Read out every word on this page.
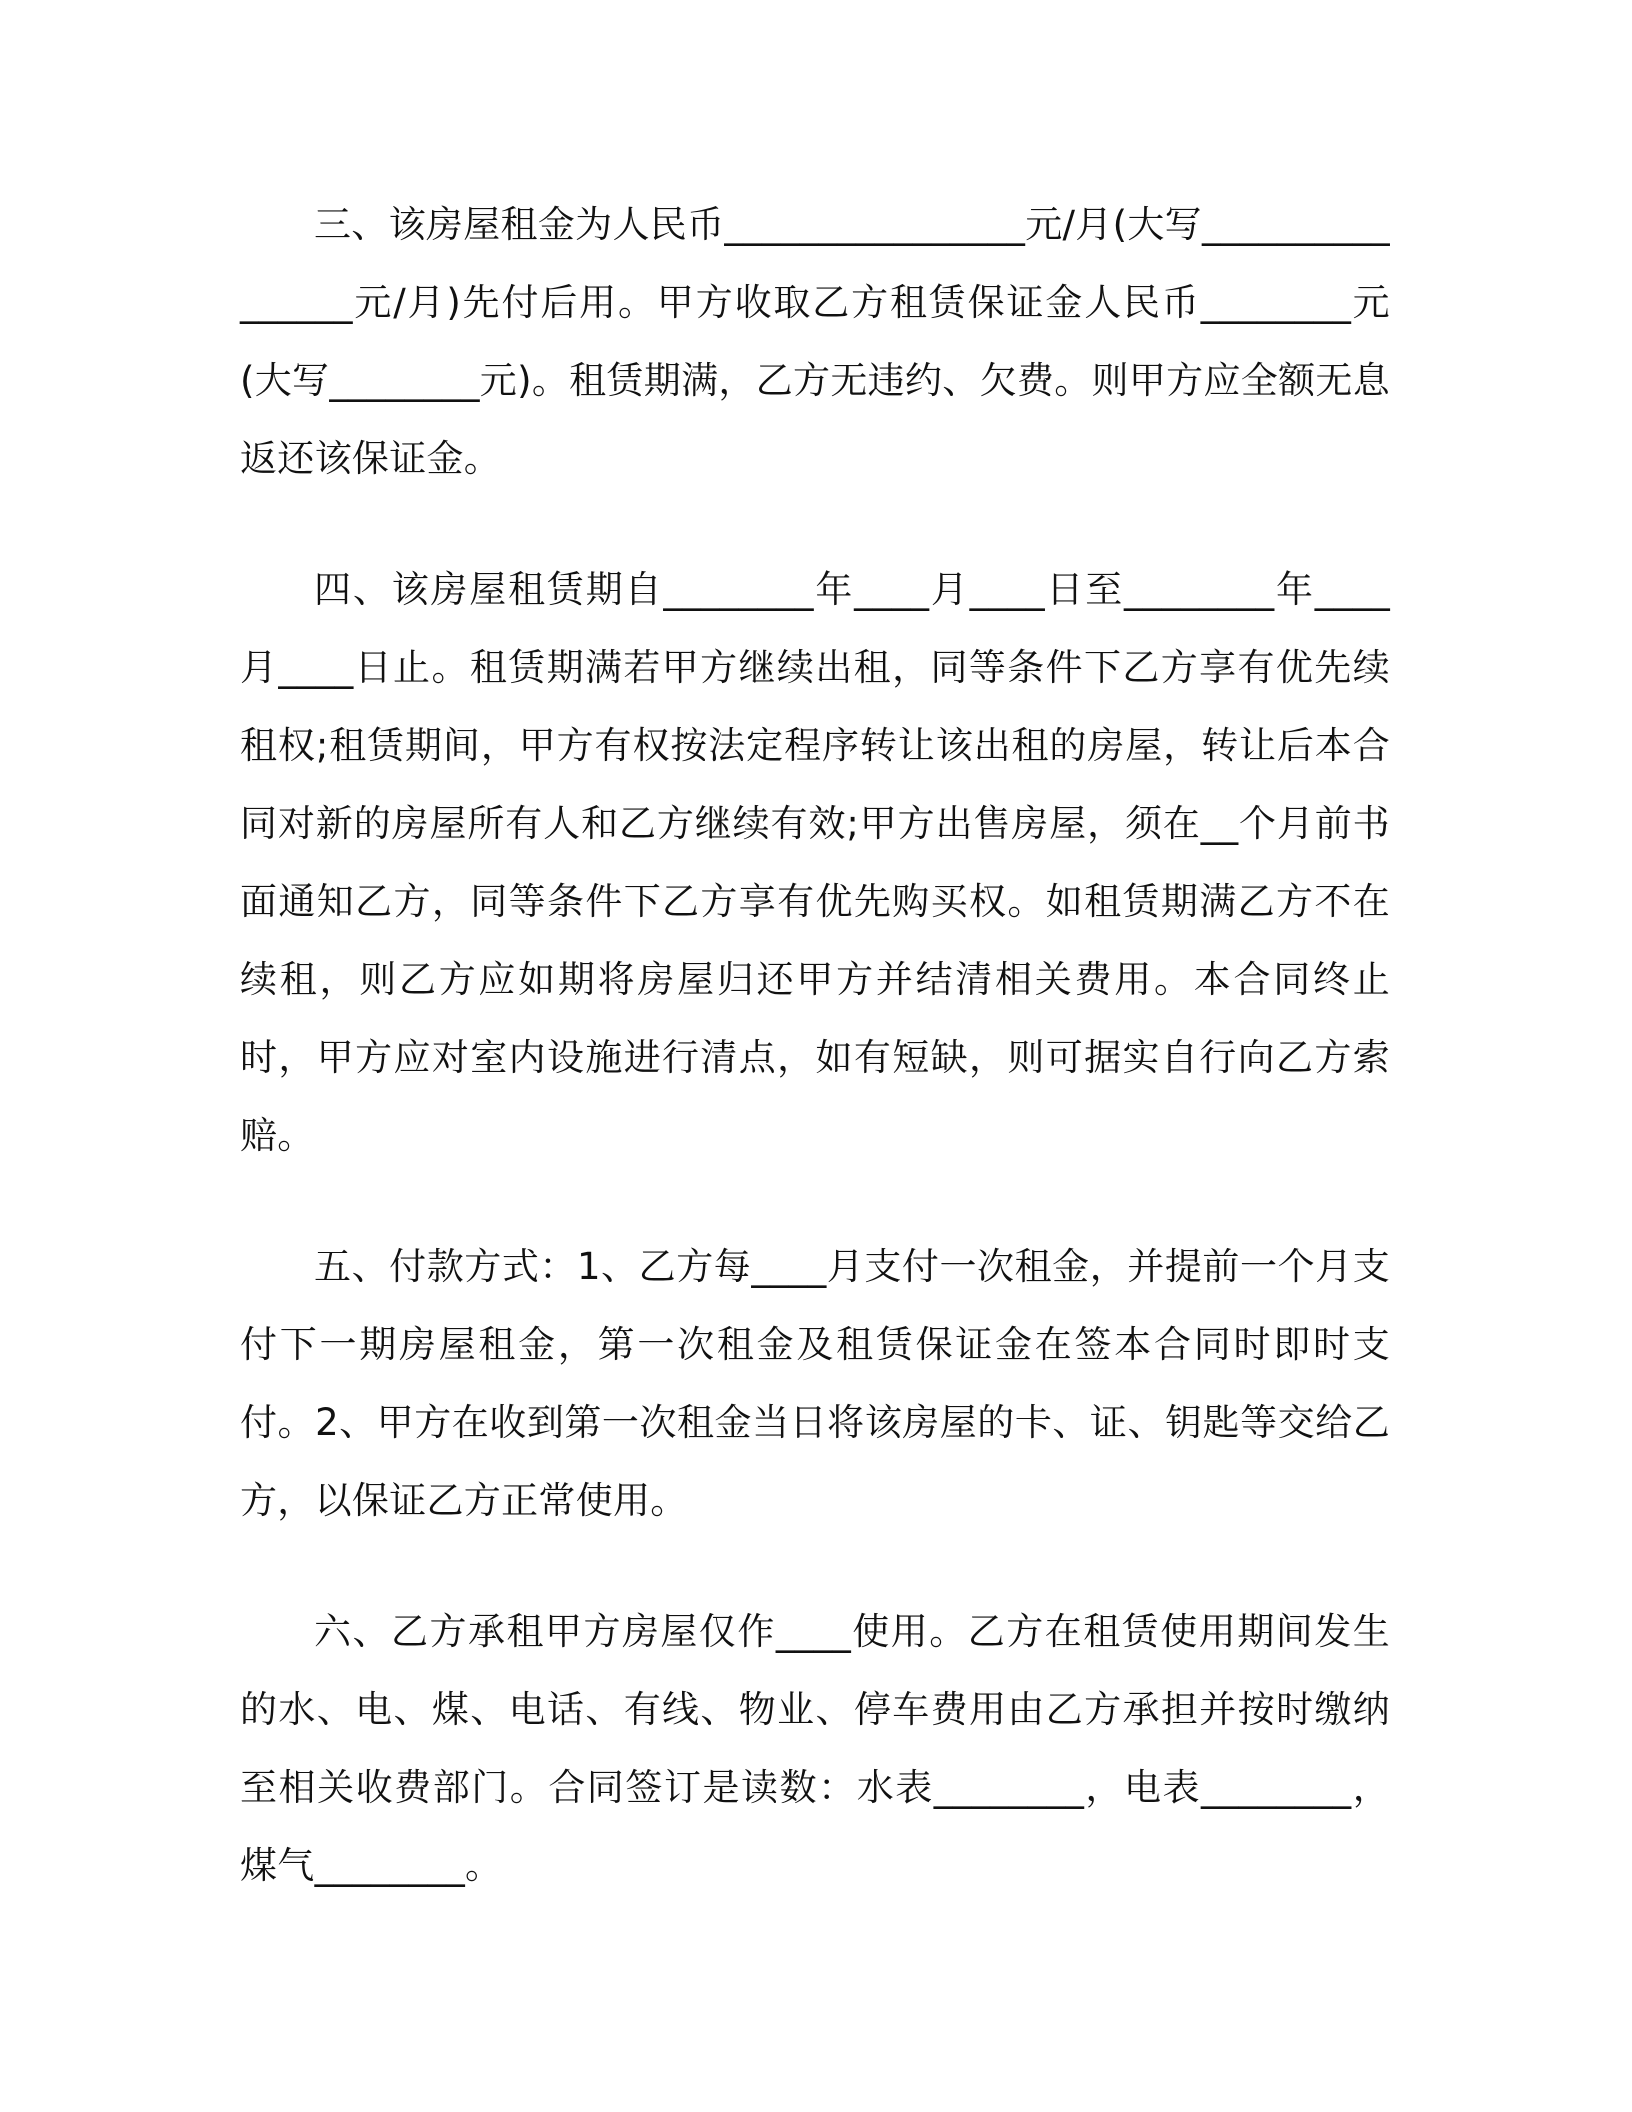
三、该房屋租金为人民币________________元/月(大写________________元/月)先付后用。甲方收取乙方租赁保证金人民币________元(大写________元)。租赁期满，乙方无违约、欠费。则甲方应全额无息返还该保证金。

四、该房屋租赁期自________年____月____日至________年____月____日止。租赁期满若甲方继续出租，同等条件下乙方享有优先续租权;租赁期间，甲方有权按法定程序转让该出租的房屋，转让后本合同对新的房屋所有人和乙方继续有效;甲方出售房屋，须在__个月前书面通知乙方，同等条件下乙方享有优先购买权。如租赁期满乙方不在续租，则乙方应如期将房屋归还甲方并结清相关费用。本合同终止时，甲方应对室内设施进行清点，如有短缺，则可据实自行向乙方索赔。

五、付款方式：1、乙方每____月支付一次租金，并提前一个月支付下一期房屋租金，第一次租金及租赁保证金在签本合同时即时支付。2、甲方在收到第一次租金当日将该房屋的卡、证、钥匙等交给乙方，以保证乙方正常使用。

六、乙方承租甲方房屋仅作____使用。乙方在租赁使用期间发生的水、电、煤、电话、有线、物业、停车费用由乙方承担并按时缴纳至相关收费部门。合同签订是读数：水表________，电表________，煤气________。
